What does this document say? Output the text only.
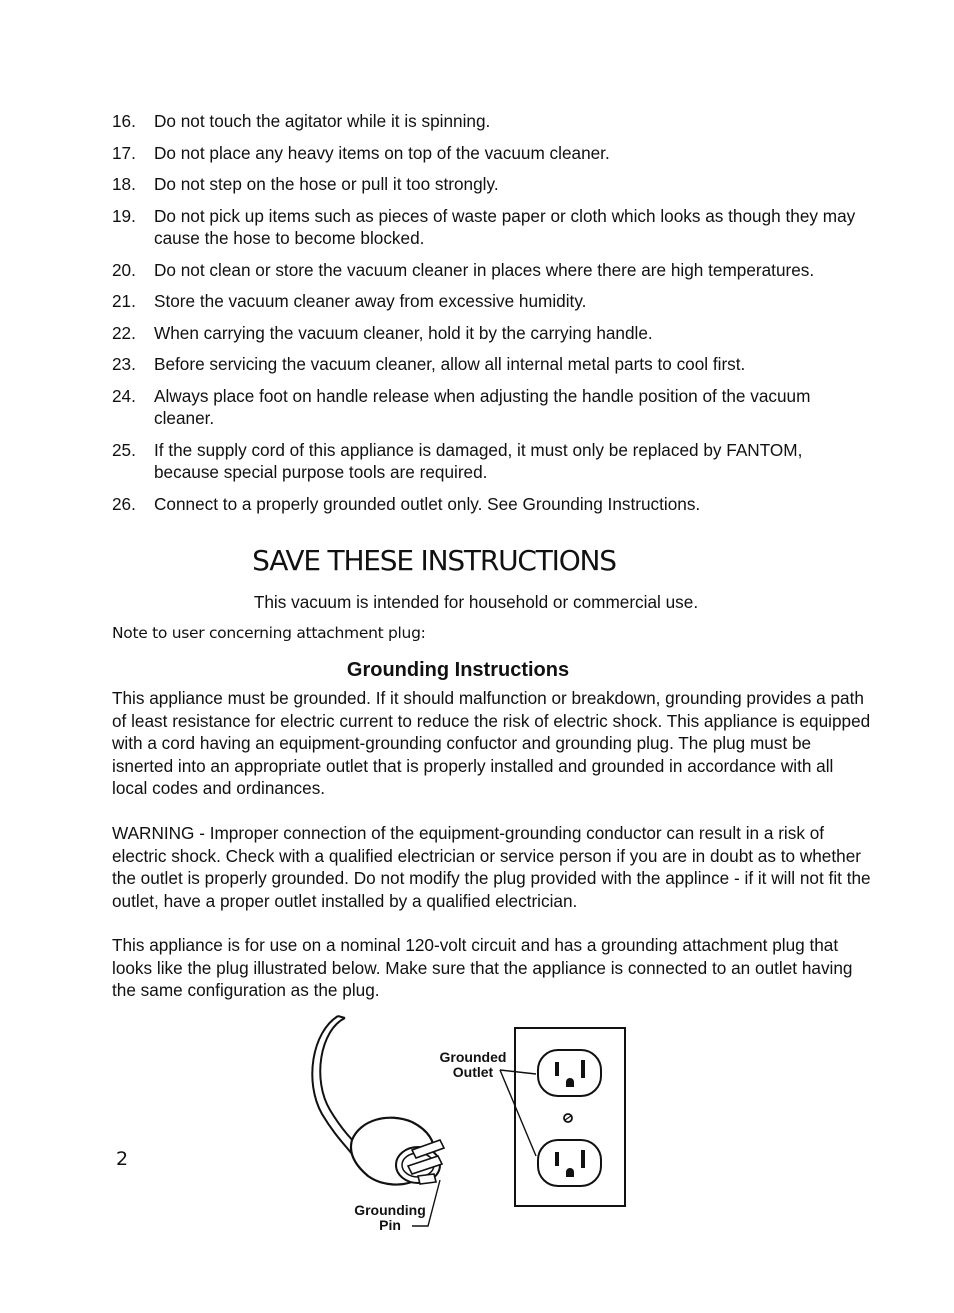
16.	Do not touch the agitator while it is spinning.
17.	Do not place any heavy items on top of the vacuum cleaner.
18.	Do not step on the hose or pull it too strongly.
19.	Do not pick up items such as pieces of waste paper or cloth which looks as though they may cause the hose to become blocked.
20.	Do not clean or store the vacuum cleaner in places where there are high temperatures.
21.	Store the vacuum cleaner away from excessive humidity.
22.	When carrying the vacuum cleaner, hold it by the carrying handle.
23.	Before servicing the vacuum cleaner, allow all internal metal parts to cool first.
24.	Always place foot on handle release when adjusting the handle position of the vacuum cleaner.
25.	If the supply cord of this appliance is damaged, it must only be replaced by FANTOM, because special purpose tools are required.
26.	Connect to a properly grounded outlet only. See Grounding Instructions.
SAVE THESE INSTRUCTIONS
This vacuum is intended for household or commercial use.
Note to user concerning attachment plug:
Grounding Instructions

This appliance must be grounded. If it should malfunction or breakdown, grounding provides a path of least resistance for electric current to reduce the risk of electric shock. This appliance is equipped with a cord having an equipment-grounding confuctor and grounding plug. The plug must be isnerted into an appropriate outlet that is properly installed and grounded in accordance with all local codes and ordinances.

WARNING - Improper connection of the equipment-grounding conductor can result in a risk of electric shock. Check with a qualified electrician or service person if you are in doubt as to whether the outlet is properly grounded. Do not modify the plug provided with the applince - if it will not fit the outlet, have a proper outlet installed by a qualified electrician.

This appliance is for use on a nominal 120-volt circuit and has a grounding attachment plug that looks like the plug illustrated below. Make sure that the appliance is connected to an outlet having the same configuration as the plug.

2
Grounded
Outlet
Grounding
Pin
